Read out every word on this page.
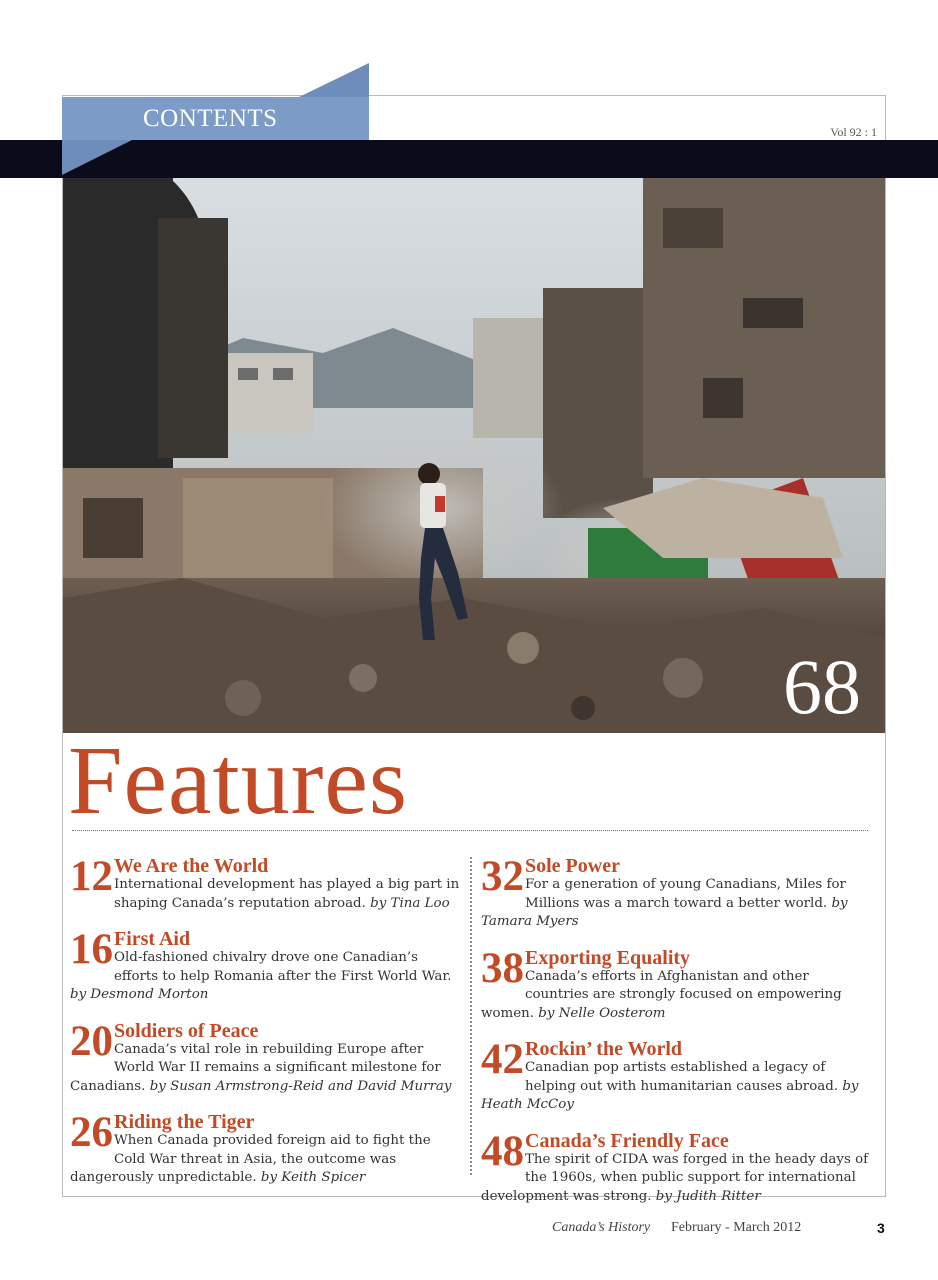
CONTENTS	Vol 92 : 1
68
Features
12 We Are the World
International development has played a big part in shaping Canada’s reputation abroad. by Tina Loo
16 First Aid
Old-fashioned chivalry drove one Canadian’s efforts to help Romania after the First World War. by Desmond Morton
20 Soldiers of Peace
Canada’s vital role in rebuilding Europe after World War II remains a significant milestone for Canadians. by Susan Armstrong-Reid and David Murray
26 Riding the Tiger
When Canada provided foreign aid to fight the Cold War threat in Asia, the outcome was dangerously unpredictable. by Keith Spicer
32 Sole Power
For a generation of young Canadians, Miles for Millions was a march toward a better world. by Tamara Myers
38 Exporting Equality
Canada’s efforts in Afghanistan and other countries are strongly focused on empowering women. by Nelle Oosterom
42 Rockin’ the World
Canadian pop artists established a legacy of helping out with humanitarian causes abroad. by Heath McCoy
48 Canada’s Friendly Face
The spirit of CIDA was forged in the heady days of the 1960s, when public support for international development was strong. by Judith Ritter
Canada’s History February - March 2012	3
